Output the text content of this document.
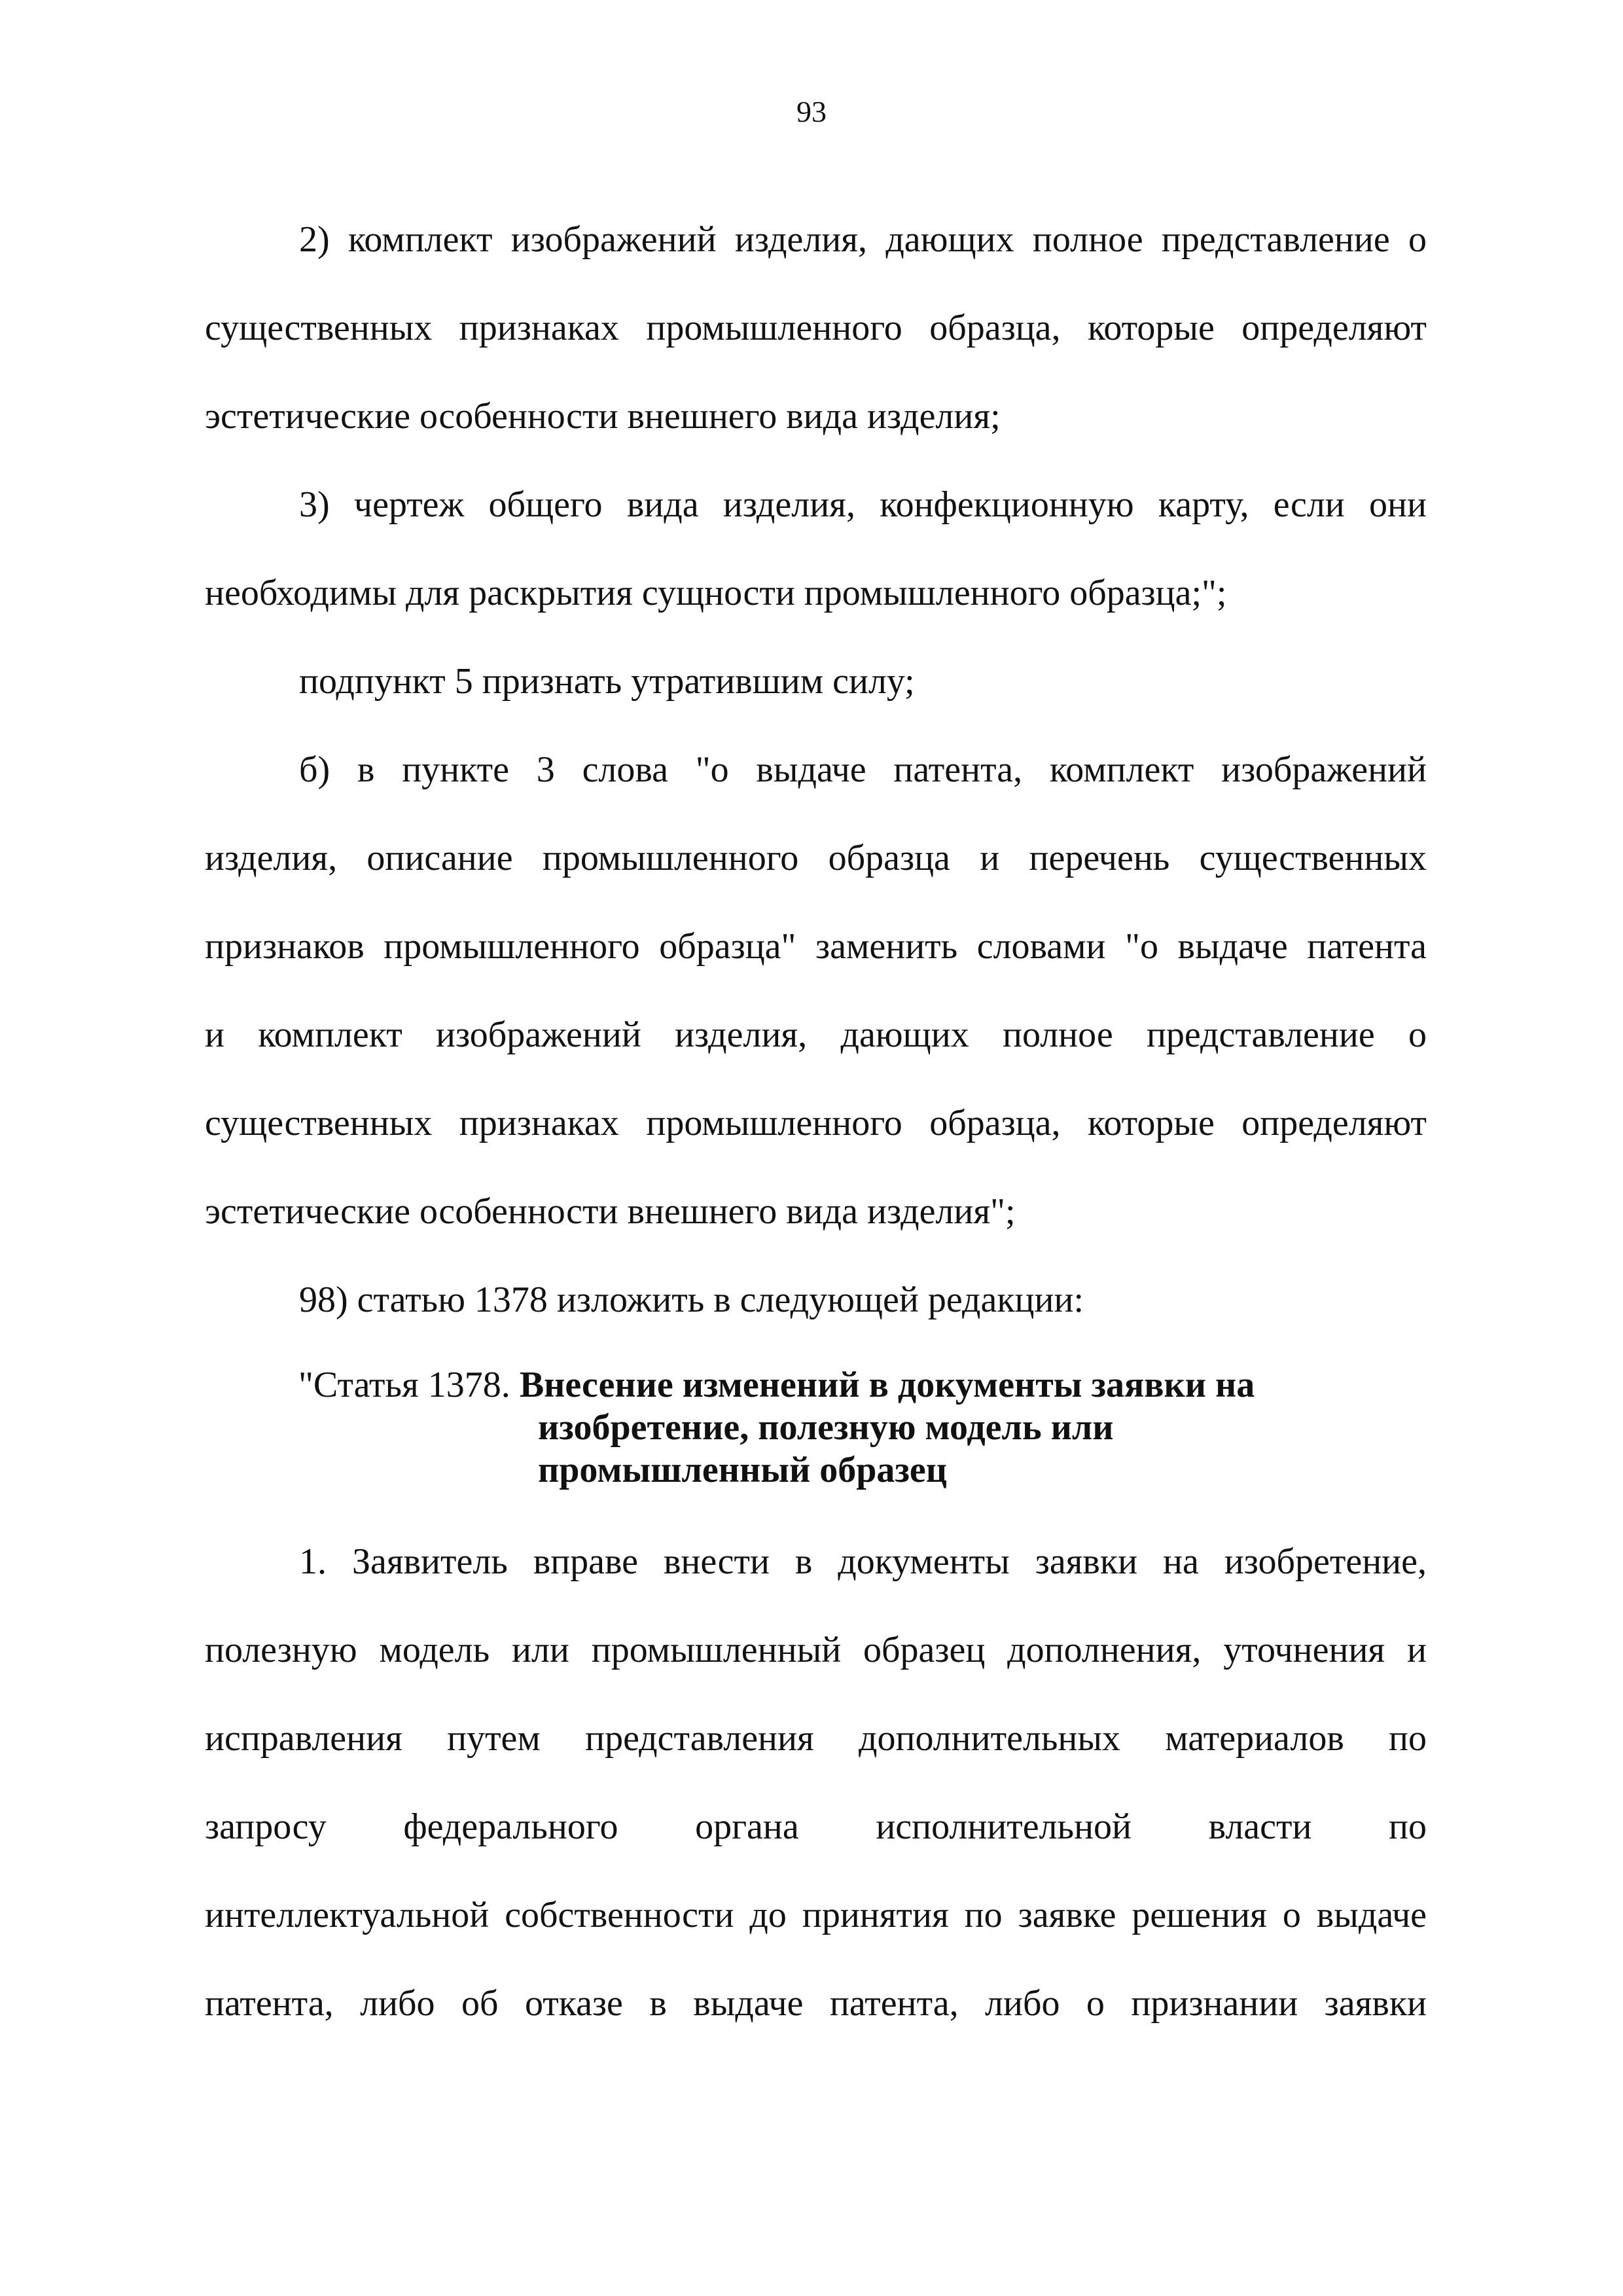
93
2) комплект изображений изделия, дающих полное представление о
существенных признаках промышленного образца, которые определяют
эстетические особенности внешнего вида изделия;
3) чертеж общего вида изделия, конфекционную карту, если они
необходимы для раскрытия сущности промышленного образца;";
подпункт 5 признать утратившим силу;
б) в пункте 3 слова "о выдаче патента, комплект изображений
изделия, описание промышленного образца и перечень существенных
признаков промышленного образца" заменить словами "о выдаче патента
и комплект изображений изделия, дающих полное представление о
существенных признаках промышленного образца, которые определяют
эстетические особенности внешнего вида изделия";
98) статью 1378 изложить в следующей редакции:
"Статья 1378. Внесение изменений в документы заявки на
изобретение, полезную модель или
промышленный образец
1. Заявитель вправе внести в документы заявки на изобретение,
полезную модель или промышленный образец дополнения, уточнения и
исправления путем представления дополнительных материалов по
запросу федерального органа исполнительной власти по
интеллектуальной собственности до принятия по заявке решения о выдаче
патента, либо об отказе в выдаче патента, либо о признании заявки
